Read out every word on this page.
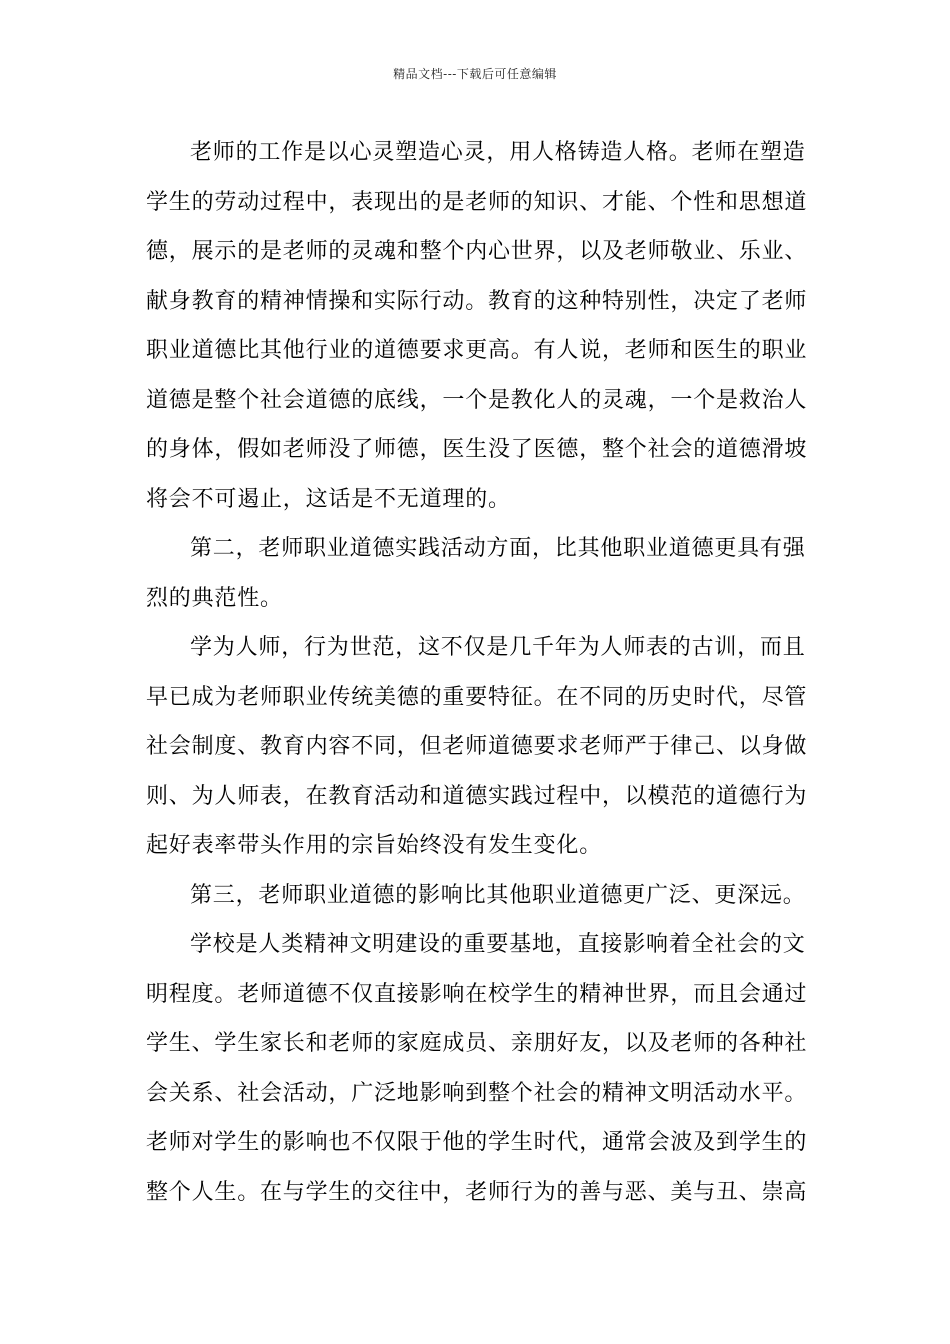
精品文档---下载后可任意编辑

老师的工作是以心灵塑造心灵，用人格铸造人格。老师在塑造
学生的劳动过程中，表现出的是老师的知识、才能、个性和思想道
德，展示的是老师的灵魂和整个内心世界，以及老师敬业、乐业、
献身教育的精神情操和实际行动。教育的这种特别性，决定了老师
职业道德比其他行业的道德要求更高。有人说，老师和医生的职业
道德是整个社会道德的底线，一个是教化人的灵魂，一个是救治人
的身体，假如老师没了师德，医生没了医德，整个社会的道德滑坡
将会不可遏止，这话是不无道理的。

第二，老师职业道德实践活动方面，比其他职业道德更具有强
烈的典范性。

学为人师，行为世范，这不仅是几千年为人师表的古训，而且
早已成为老师职业传统美德的重要特征。在不同的历史时代，尽管
社会制度、教育内容不同，但老师道德要求老师严于律己、以身做
则、为人师表，在教育活动和道德实践过程中，以模范的道德行为
起好表率带头作用的宗旨始终没有发生变化。

第三，老师职业道德的影响比其他职业道德更广泛、更深远。

学校是人类精神文明建设的重要基地，直接影响着全社会的文
明程度。老师道德不仅直接影响在校学生的精神世界，而且会通过
学生、学生家长和老师的家庭成员、亲朋好友，以及老师的各种社
会关系、社会活动，广泛地影响到整个社会的精神文明活动水平。
老师对学生的影响也不仅限于他的学生时代，通常会波及到学生的
整个人生。在与学生的交往中，老师行为的善与恶、美与丑、崇高
